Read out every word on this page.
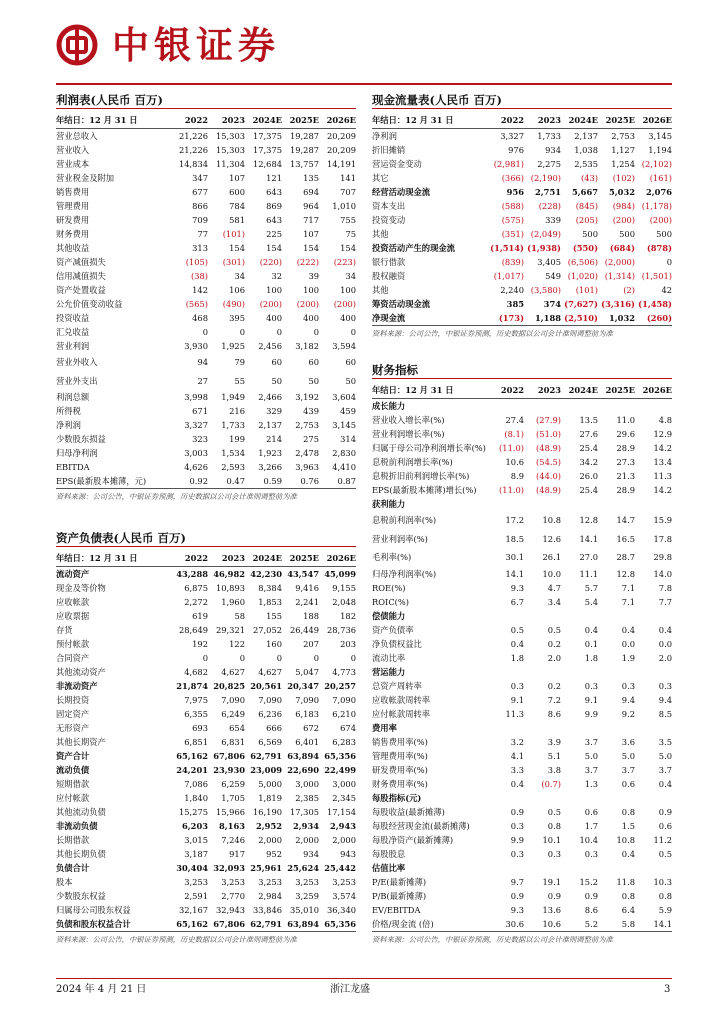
中银证券
利润表(人民币 百万)
年结日：12 月 31 日	2022	2023 2024E 2025E 2026E
营业总收入	21,226 15,303 17,375 19,287 20,209
营业收入	21,226 15,303 17,375 19,287 20,209
营业成本	14,834 11,304 12,684 13,757 14,191
营业税金及附加	347	107	121	135	141
销售费用	677	600	643	694	707
管理费用	866	784	869	964	1,010
研发费用	709	581	643	717	755
财务费用	77	(101)	225	107	75
其他收益	313	154	154	154	154
资产减值损失	(105)	(301)	(220)	(222)	(223)
信用减值损失	(38)	34	32	39	34
资产处置收益	142	106	100	100	100
公允价值变动收益	(565)	(490)	(200)	(200)	(200)
投资收益	468	395	400	400	400
汇兑收益	0	0	0	0	0
营业利润	3,930	1,925	2,456	3,182	3,594
营业外收入	94	79	60	60	60
营业外支出	27	55	50	50	50
利润总额	3,998	1,949	2,466	3,192	3,604
所得税	671	216	329	439	459
净利润	3,327	1,733	2,137	2,753	3,145
少数股东损益	323	199	214	275	314
归母净利润	3,003	1,534	1,923	2,478	2,830
EBITDA	4,626	2,593	3,266	3,963	4,410
EPS(最新股本摊薄，元)	0.92	0.47	0.59	0.76	0.87
资料来源：公司公告，中银证券预测，历史数据以公司会计准则调整前为准
资产负债表(人民币 百万)
年结日：12 月 31 日	2022	2023 2024E 2025E 2026E
流动资产	43,288 46,982 42,230 43,547 45,099
现金及等价物	6,875 10,893	8,384	9,416	9,155
应收帐款	2,272	1,960	1,853	2,241	2,048
应收票据	619	58	155	188	182
存货	28,649 29,321 27,052 26,449 28,736
预付帐款	192	122	160	207	203
合同资产	0	0	0	0	0
其他流动资产	4,682	4,627	4,627	5,047	4,773
非流动资产	21,874 20,825 20,561 20,347 20,257
长期投资	7,975	7,090	7,090	7,090	7,090
固定资产	6,355	6,249	6,236	6,183	6,210
无形资产	693	654	666	672	674
其他长期资产	6,851	6,831	6,569	6,401	6,283
资产合计	65,162 67,806 62,791 63,894 65,356
流动负债	24,201 23,930 23,009 22,690 22,499
短期借款	7,086	6,259	5,000	3,000	3,000
应付帐款	1,840	1,705	1,819	2,385	2,345
其他流动负债	15,275 15,966 16,190 17,305 17,154
非流动负债	6,203	8,163	2,952	2,934	2,943
长期借款	3,015	7,246	2,000	2,000	2,000
其他长期负债	3,187	917	952	934	943
负债合计	30,404 32,093 25,961 25,624 25,442
股本	3,253	3,253	3,253	3,253	3,253
少数股东权益	2,591	2,770	2,984	3,259	3,574
归属母公司股东权益	32,167 32,943 33,846 35,010 36,340
负债和股东权益合计	65,162 67,806 62,791 63,894 65,356
资料来源：公司公告，中银证券预测，历史数据以公司会计准则调整前为准
现金流量表(人民币 百万)
年结日：12 月 31 日	2022	2023 2024E 2025E 2026E
净利润	3,327	1,733	2,137	2,753	3,145
折旧摊销	976	934	1,038	1,127	1,194
营运资金变动	(2,981)	2,275	2,535	1,254 (2,102)
其它	(366) (2,190)	(43)	(102)	(161)
经营活动现金流	956	2,751	5,667	5,032	2,076
资本支出	(588)	(228)	(845)	(984) (1,178)
投资变动	(575)	339	(205)	(200)	(200)
其他	(351) (2,049)	500	500	500
投资活动产生的现金流	(1,514) (1,938)	(550)	(684)	(878)
银行借款	(839)	3,405 (6,506) (2,000)	0
股权融资	(1,017)	549 (1,020) (1,314) (1,501)
其他	2,240 (3,580)	(101)	(2)	42
筹资活动现金流	385	374 (7,627) (3,316) (1,458)
净现金流	(173)	1,188 (2,510)	1,032	(260)
资料来源：公司公告，中银证券预测，历史数据以公司会计准则调整前为准
财务指标
年结日：12 月 31 日	2022	2023 2024E 2025E 2026E
成长能力
营业收入增长率(%)	27.4	(27.9)	13.5	11.0	4.8
营业利润增长率(%)	(8.1)	(51.0)	27.6	29.6	12.9
归属于母公司净利润增长率(%)	(11.0)	(48.9)	25.4	28.9	14.2
息税前利润增长率(%)	10.6	(54.5)	34.2	27.3	13.4
息税折旧前利润增长率(%)	8.9	(44.0)	26.0	21.3	11.3
EPS(最新股本摊薄)增长(%)	(11.0)	(48.9)	25.4	28.9	14.2
获利能力
息税前利润率(%)	17.2	10.8	12.8	14.7	15.9
营业利润率(%)	18.5	12.6	14.1	16.5	17.8
毛利率(%)	30.1	26.1	27.0	28.7	29.8
归母净利润率(%)	14.1	10.0	11.1	12.8	14.0
ROE(%)	9.3	4.7	5.7	7.1	7.8
ROIC(%)	6.7	3.4	5.4	7.1	7.7
偿债能力
资产负债率	0.5	0.5	0.4	0.4	0.4
净负债权益比	0.4	0.2	0.1	0.0	0.0
流动比率	1.8	2.0	1.8	1.9	2.0
营运能力
总资产周转率	0.3	0.2	0.3	0.3	0.3
应收帐款周转率	9.1	7.2	9.1	9.4	9.4
应付帐款周转率	11.3	8.6	9.9	9.2	8.5
费用率
销售费用率(%)	3.2	3.9	3.7	3.6	3.5
管理费用率(%)	4.1	5.1	5.0	5.0	5.0
研发费用率(%)	3.3	3.8	3.7	3.7	3.7
财务费用率(%)	0.4	(0.7)	1.3	0.6	0.4
每股指标(元)
每股收益(最新摊薄)	0.9	0.5	0.6	0.8	0.9
每股经营现金流(最新摊薄)	0.3	0.8	1.7	1.5	0.6
每股净资产(最新摊薄)	9.9	10.1	10.4	10.8	11.2
每股股息	0.3	0.3	0.3	0.4	0.5
估值比率
P/E(最新摊薄)	9.7	19.1	15.2	11.8	10.3
P/B(最新摊薄)	0.9	0.9	0.9	0.8	0.8
EV/EBITDA	9.3	13.6	8.6	6.4	5.9
价格/现金流 (倍)	30.6	10.6	5.2	5.8	14.1
资料来源：公司公告，中银证券预测，历史数据以公司会计准则调整前为准
2024 年 4 月 21 日	浙江龙盛	3
